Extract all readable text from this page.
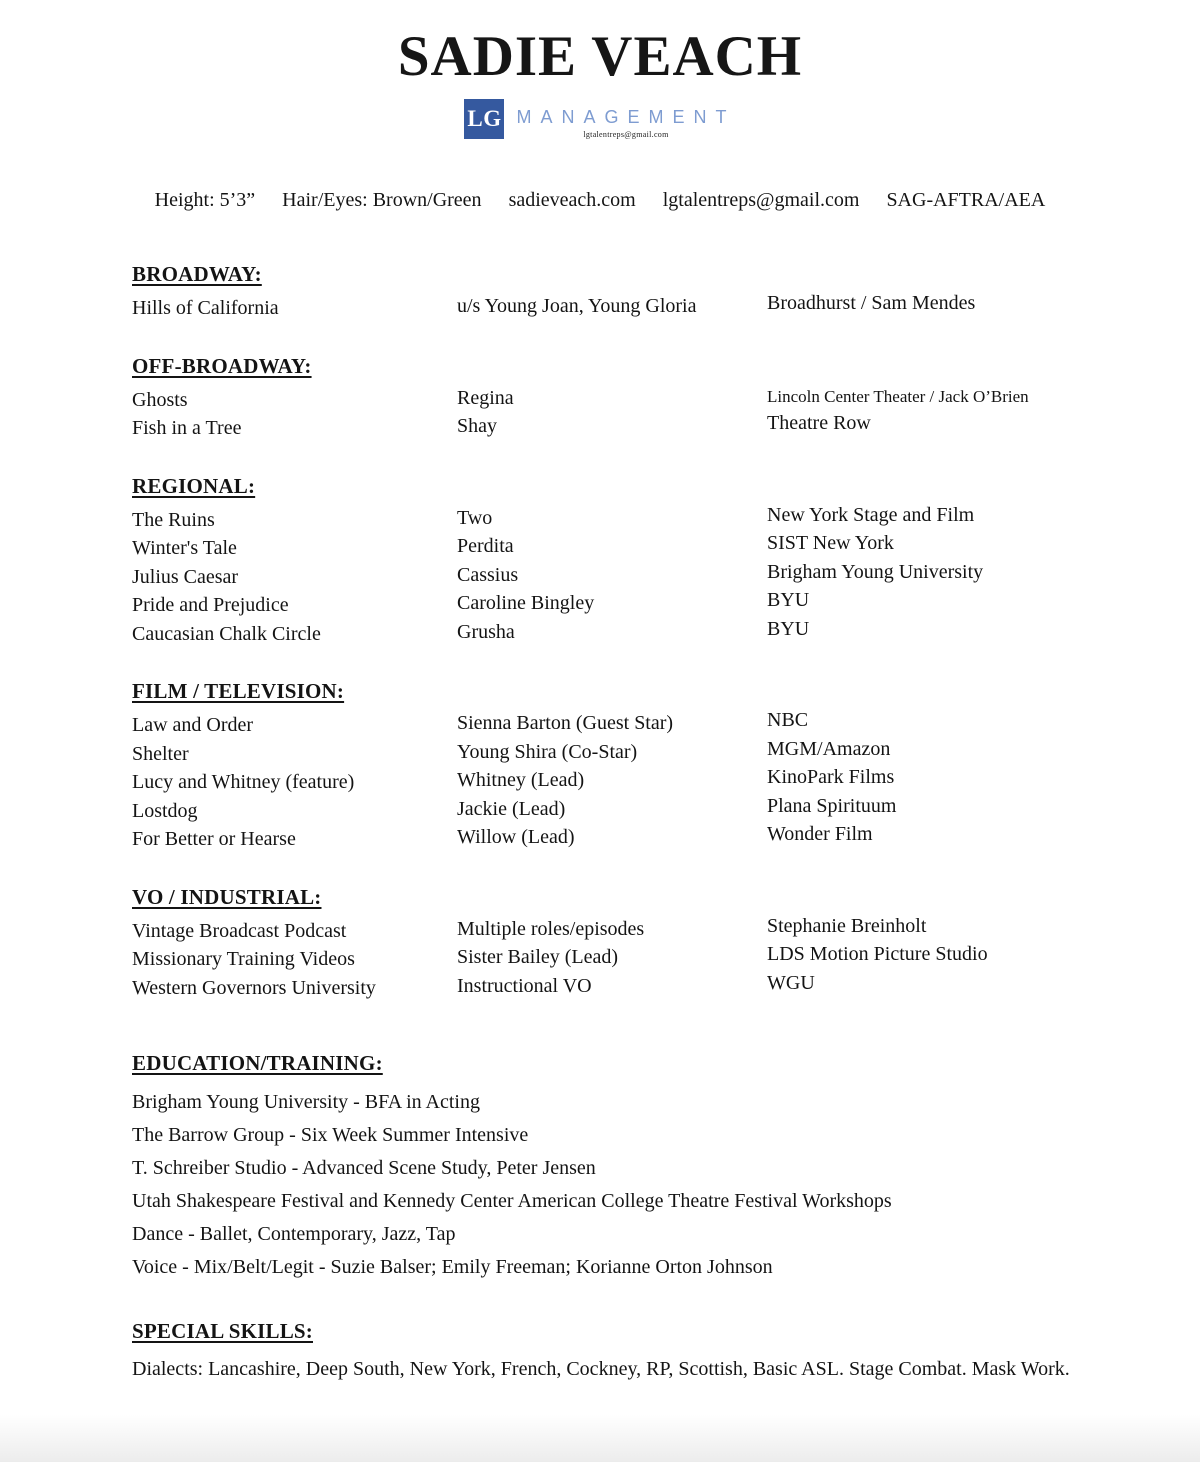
SADIE VEACH
LG MANAGEMENT
lgtalentreps@gmail.com
Height: 5’3” Hair/Eyes: Brown/Green sadieveach.com lgtalentreps@gmail.com SAG-AFTRA/AEA
BROADWAY:
Hills of California	u/s Young Joan, Young Gloria	Broadhurst / Sam Mendes
OFF-BROADWAY:
Ghosts	Regina	Lincoln Center Theater / Jack O’Brien
Fish in a Tree	Shay	Theatre Row
REGIONAL:
The Ruins	Two	New York Stage and Film
Winter's Tale	Perdita	SIST New York
Julius Caesar	Cassius	Brigham Young University
Pride and Prejudice	Caroline Bingley	BYU
Caucasian Chalk Circle	Grusha	BYU
FILM / TELEVISION:
Law and Order	Sienna Barton (Guest Star)	NBC
Shelter	Young Shira (Co-Star)	MGM/Amazon
Lucy and Whitney (feature)	Whitney (Lead)	KinoPark Films
Lostdog	Jackie (Lead)	Plana Spirituum
For Better or Hearse	Willow (Lead)	Wonder Film
VO / INDUSTRIAL:
Vintage Broadcast Podcast	Multiple roles/episodes	Stephanie Breinholt
Missionary Training Videos	Sister Bailey (Lead)	LDS Motion Picture Studio
Western Governors University	Instructional VO	WGU
EDUCATION/TRAINING:
Brigham Young University - BFA in Acting
The Barrow Group - Six Week Summer Intensive
T. Schreiber Studio - Advanced Scene Study, Peter Jensen
Utah Shakespeare Festival and Kennedy Center American College Theatre Festival Workshops
Dance - Ballet, Contemporary, Jazz, Tap
Voice - Mix/Belt/Legit - Suzie Balser; Emily Freeman; Korianne Orton Johnson
SPECIAL SKILLS:
Dialects: Lancashire, Deep South, New York, French, Cockney, RP, Scottish, Basic ASL. Stage Combat. Mask Work.
